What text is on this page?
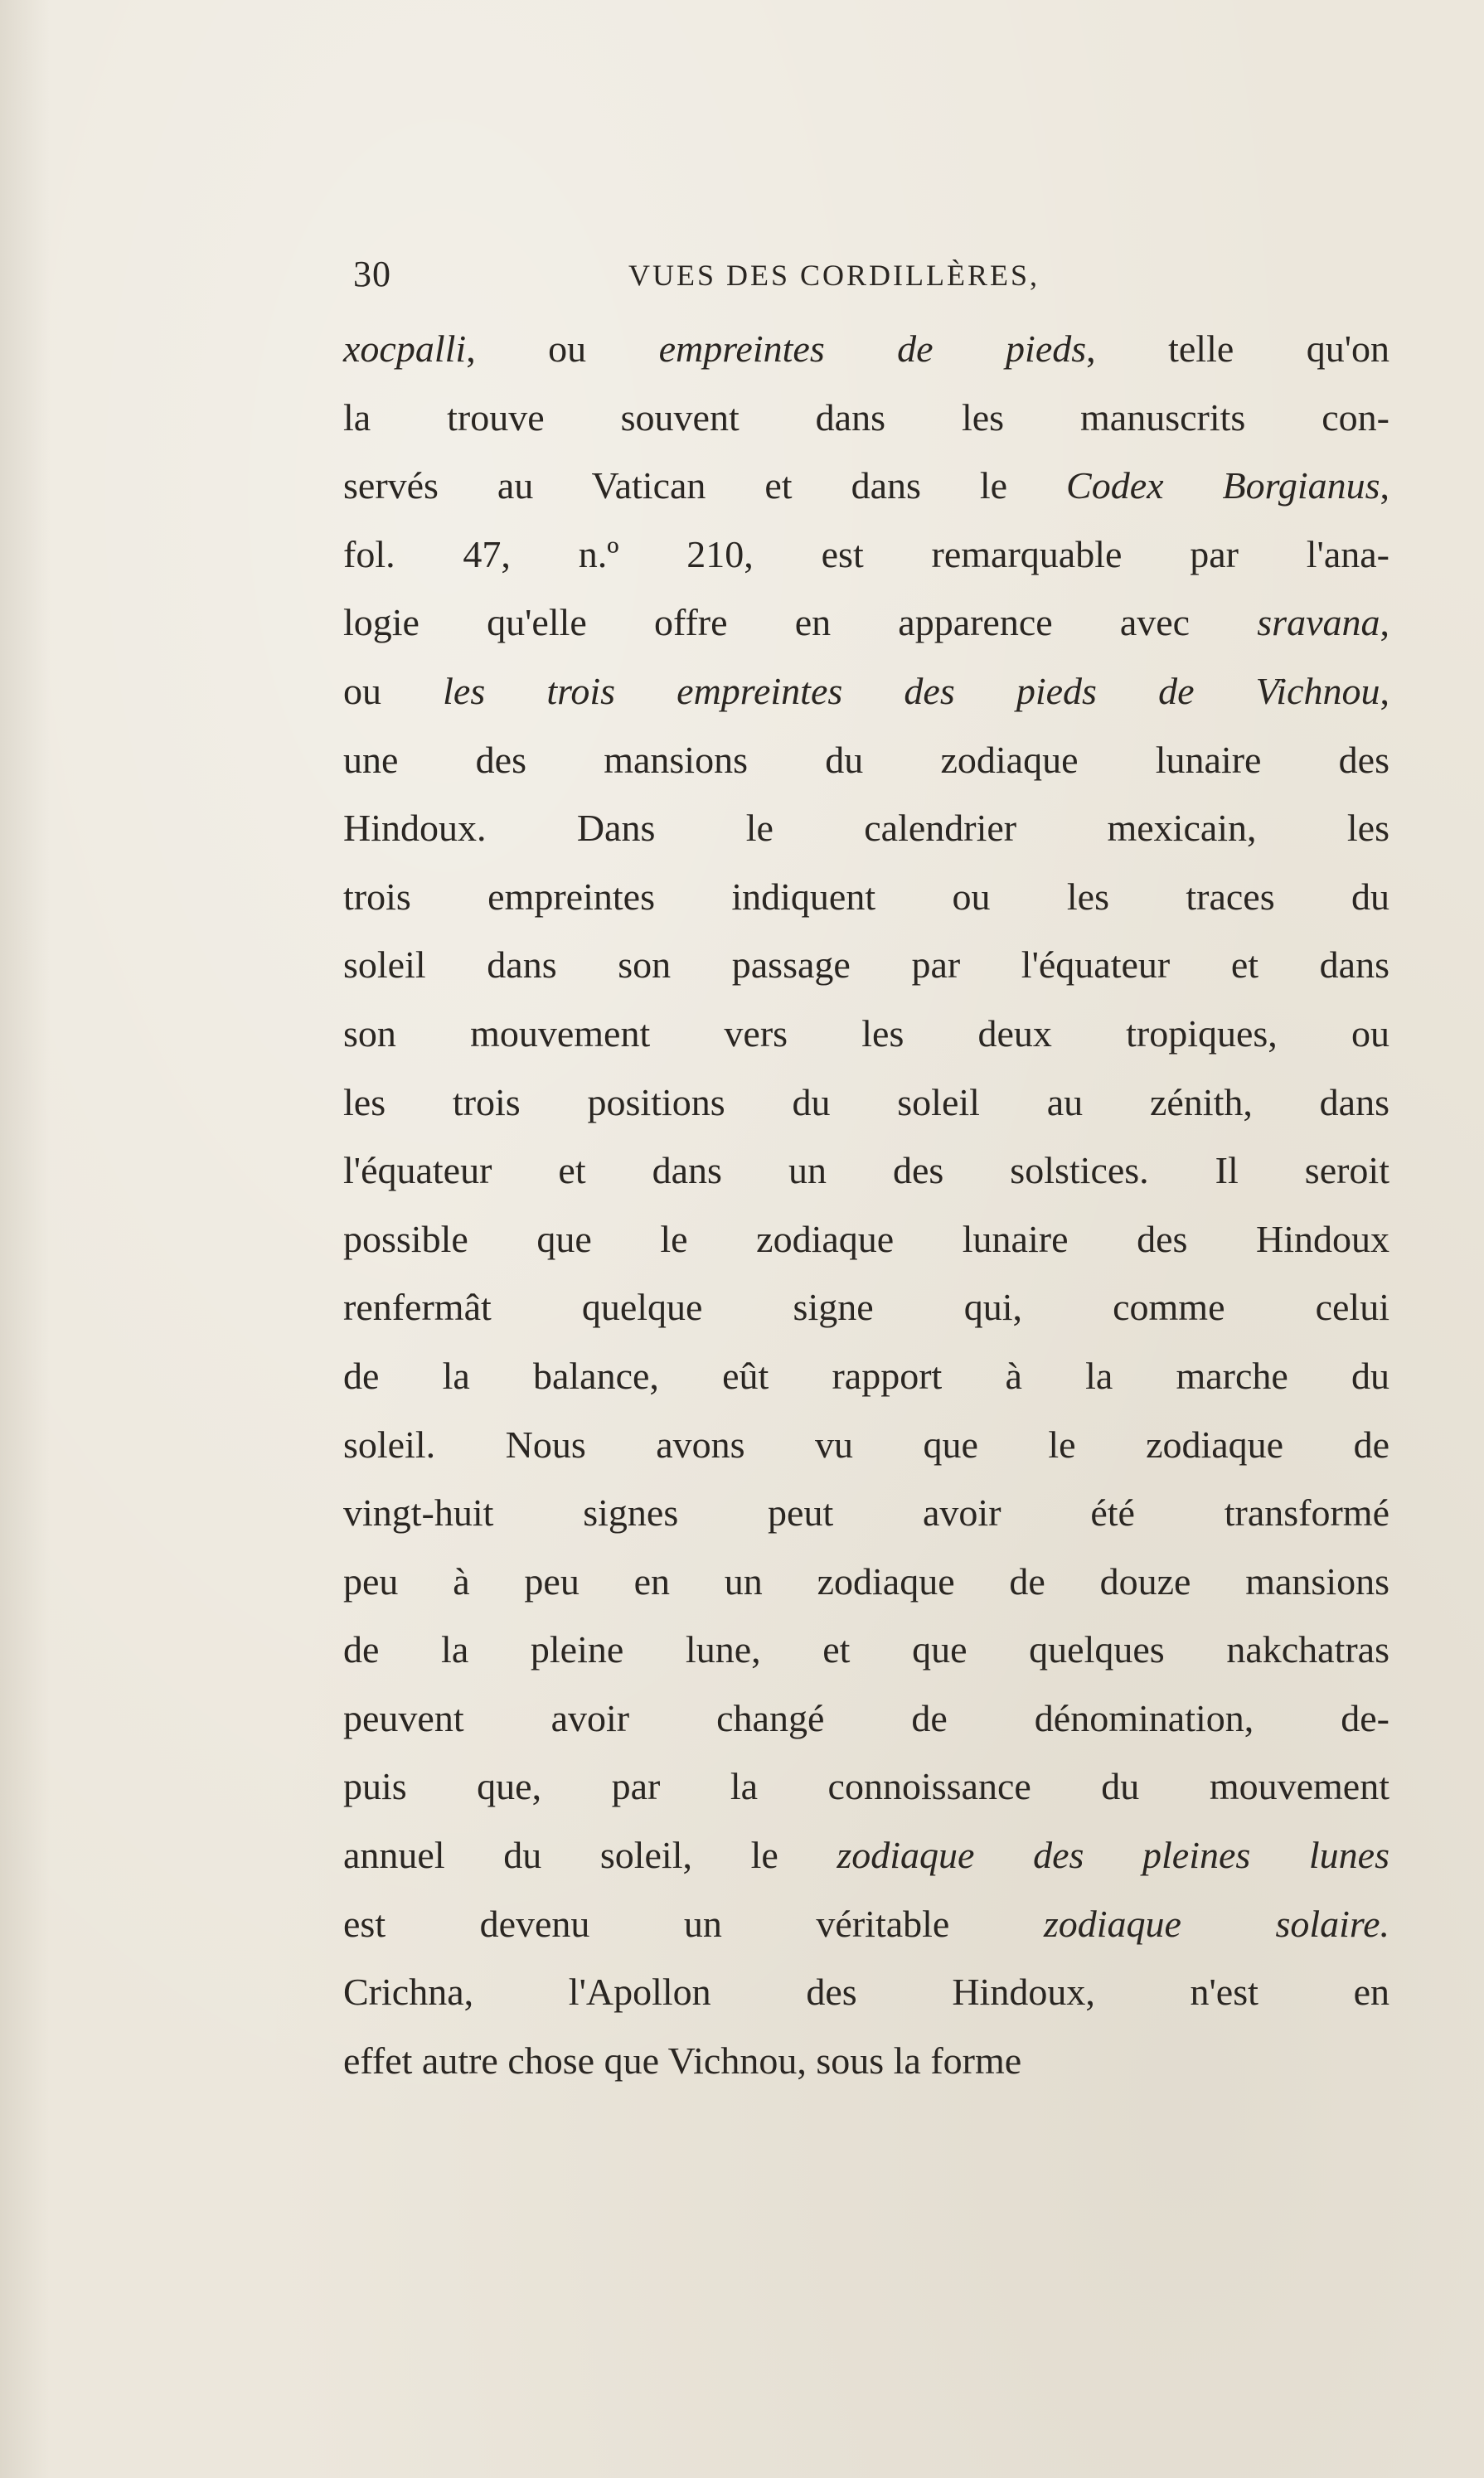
30	VUES DES CORDILLÈRES,
xocpalli, ou empreintes de pieds, telle qu'on
la trouve souvent dans les manuscrits con-
servés au Vatican et dans le Codex Borgianus,
fol. 47, n.º 210, est remarquable par l'ana-
logie qu'elle offre en apparence avec sravana,
ou les trois empreintes des pieds de Vichnou,
une des mansions du zodiaque lunaire des
Hindoux. Dans le calendrier mexicain, les
trois empreintes indiquent ou les traces du
soleil dans son passage par l'équateur et dans
son mouvement vers les deux tropiques, ou
les trois positions du soleil au zénith, dans
l'équateur et dans un des solstices. Il seroit
possible que le zodiaque lunaire des Hindoux
renfermât quelque signe qui, comme celui
de la balance, eût rapport à la marche du
soleil. Nous avons vu que le zodiaque de
vingt-huit signes peut avoir été transformé
peu à peu en un zodiaque de douze mansions
de la pleine lune, et que quelques nakchatras
peuvent avoir changé de dénomination, de-
puis que, par la connoissance du mouvement
annuel du soleil, le zodiaque des pleines lunes
est devenu un véritable zodiaque solaire.
Crichna, l'Apollon des Hindoux, n'est en
effet autre chose que Vichnou, sous la forme
